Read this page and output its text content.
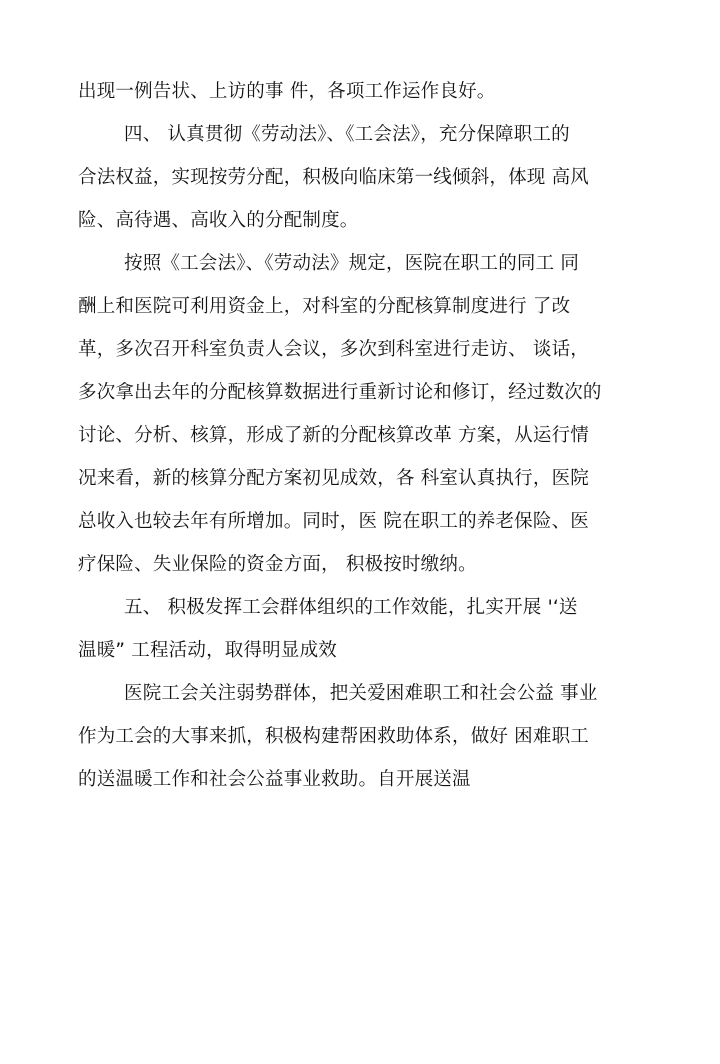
出现一例告状、上访的事 件，各项工作运作良好。
四、 认真贯彻《劳动法》、《工会法》，充分保障职工的
合法权益，实现按劳分配，积极向临床第一线倾斜，体现 高风
险、高待遇、高收入的分配制度。
按照《工会法》、《劳动法》规定，医院在职工的同工 同
酬上和医院可利用资金上，对科室的分配核算制度进行 了改
革，多次召开科室负责人会议，多次到科室进行走访、 谈话，
多次拿出去年的分配核算数据进行重新讨论和修订，经过数次的
讨论、分析、核算，形成了新的分配核算改革 方案，从运行情
况来看，新的核算分配方案初见成效，各 科室认真执行，医院
总收入也较去年有所增加。同时，医 院在职工的养老保险、医
疗保险、失业保险的资金方面， 积极按时缴纳。
五、 积极发挥工会群体组织的工作效能，扎实开展 '‘送
温暖” 工程活动，取得明显成效
医院工会关注弱势群体，把关爱困难职工和社会公益 事业
作为工会的大事来抓，积极构建帮困救助体系，做好 困难职工
的送温暖工作和社会公益事业救助。自开展送温
